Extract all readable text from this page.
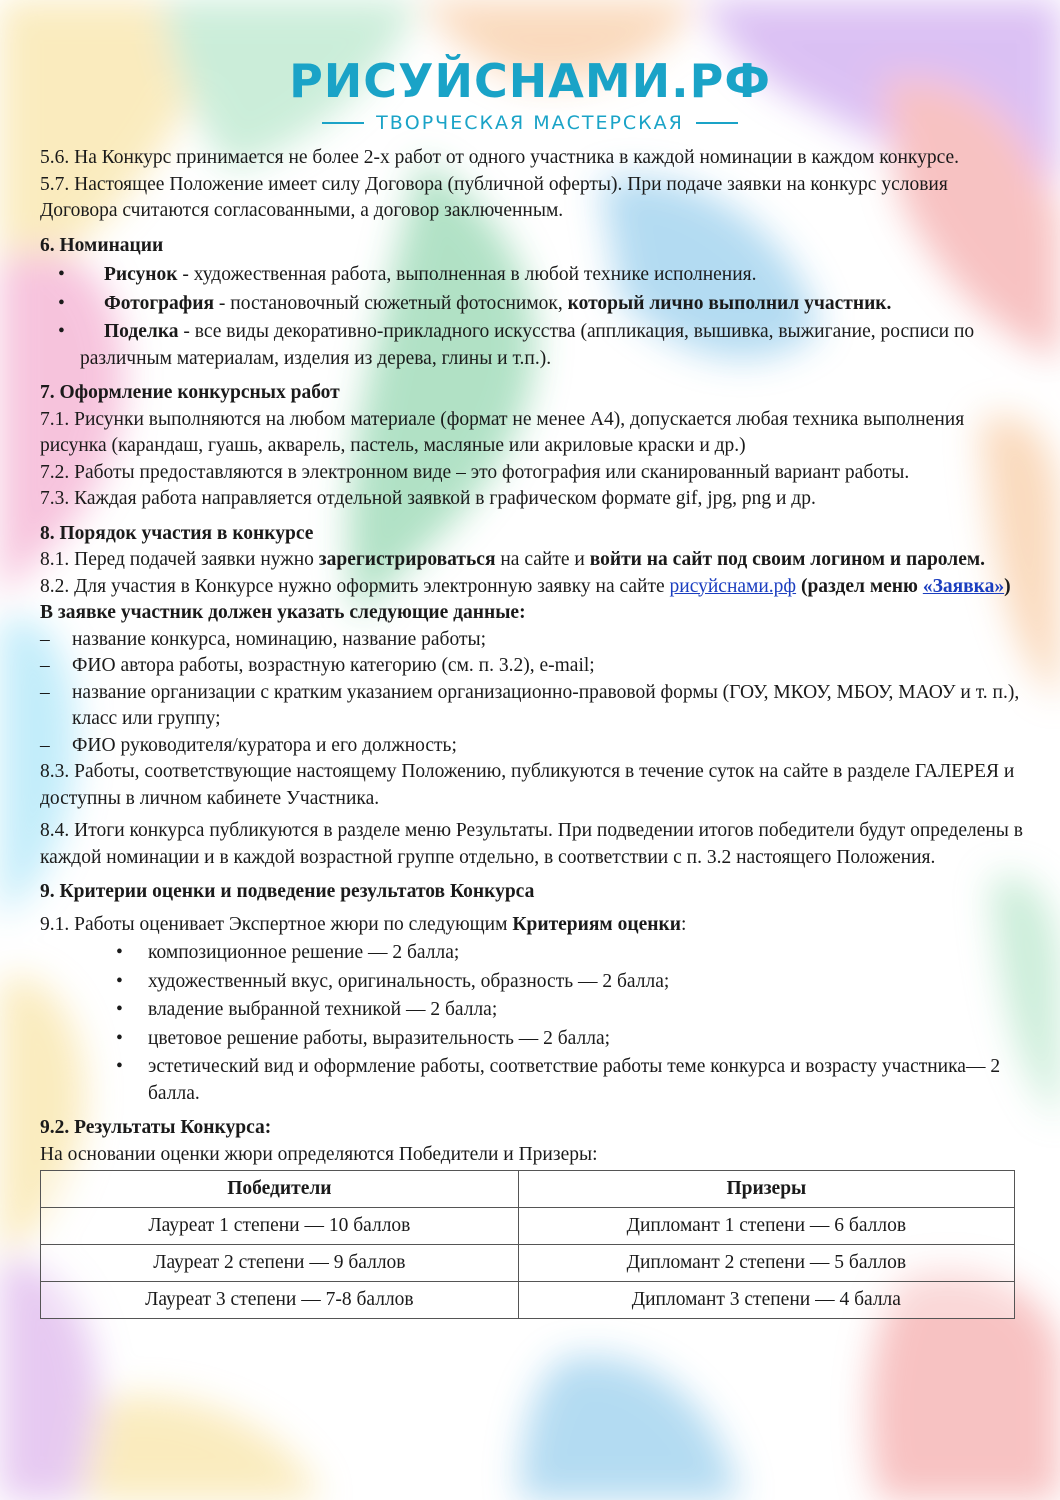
РИСУЙСНАМИ.РФ
ТВОРЧЕСКАЯ МАСТЕРСКАЯ

5.6. На Конкурс принимается не более 2-х работ от одного участника в каждой номинации в каждом конкурсе.

5.7. Настоящее Положение имеет силу Договора (публичной оферты). При подаче заявки на конкурс условия Договора считаются согласованными, а договор заключенным.

6. Номинации

• Рисунок - художественная работа, выполненная в любой технике исполнения.
• Фотография - постановочный сюжетный фотоснимок, который лично выполнил участник.
• Поделка - все виды декоративно-прикладного искусства (аппликация, вышивка, выжигание, росписи по различным материалам, изделия из дерева, глины и т.п.).

7. Оформление конкурсных работ

7.1. Рисунки выполняются на любом материале (формат не менее А4), допускается любая техника выполнения рисунка (карандаш, гуашь, акварель, пастель, масляные или акриловые краски и др.)

7.2. Работы предоставляются в электронном виде – это фотография или сканированный вариант работы.

7.3. Каждая работа направляется отдельной заявкой в графическом формате gif, jpg, png и др.

8. Порядок участия в конкурсе

8.1. Перед подачей заявки нужно зарегистрироваться на сайте и войти на сайт под своим логином и паролем.

8.2. Для участия в Конкурсе нужно оформить электронную заявку на сайте рисуйснами.рф (раздел меню «Заявка»)

В заявке участник должен указать следующие данные:

– название конкурса, номинацию, название работы;
– ФИО автора работы, возрастную категорию (см. п. 3.2), e-mail;
– название организации с кратким указанием организационно-правовой формы (ГОУ, МКОУ, МБОУ, МАОУ и т. п.), класс или группу;
– ФИО руководителя/куратора и его должность;

8.3. Работы, соответствующие настоящему Положению, публикуются в течение суток на сайте в разделе ГАЛЕРЕЯ и доступны в личном кабинете Участника.

8.4. Итоги конкурса публикуются в разделе меню Результаты. При подведении итогов победители будут определены в каждой номинации и в каждой возрастной группе отдельно, в соответствии с п. 3.2 настоящего Положения.

9. Критерии оценки и подведение результатов Конкурса

9.1. Работы оценивает Экспертное жюри по следующим Критериям оценки:

• композиционное решение — 2 балла;
• художественный вкус, оригинальность, образность — 2 балла;
• владение выбранной техникой — 2 балла;
• цветовое решение работы, выразительность — 2 балла;
• эстетический вид и оформление работы, соответствие работы теме конкурса и возрасту участника— 2 балла.

9.2. Результаты Конкурса:

На основании оценки жюри определяются Победители и Призеры:

Победители	Призеры
Лауреат 1 степени — 10 баллов	Дипломант 1 степени — 6 баллов
Лауреат 2 степени — 9 баллов	Дипломант 2 степени — 5 баллов
Лауреат 3 степени — 7-8 баллов	Дипломант 3 степени — 4 балла
